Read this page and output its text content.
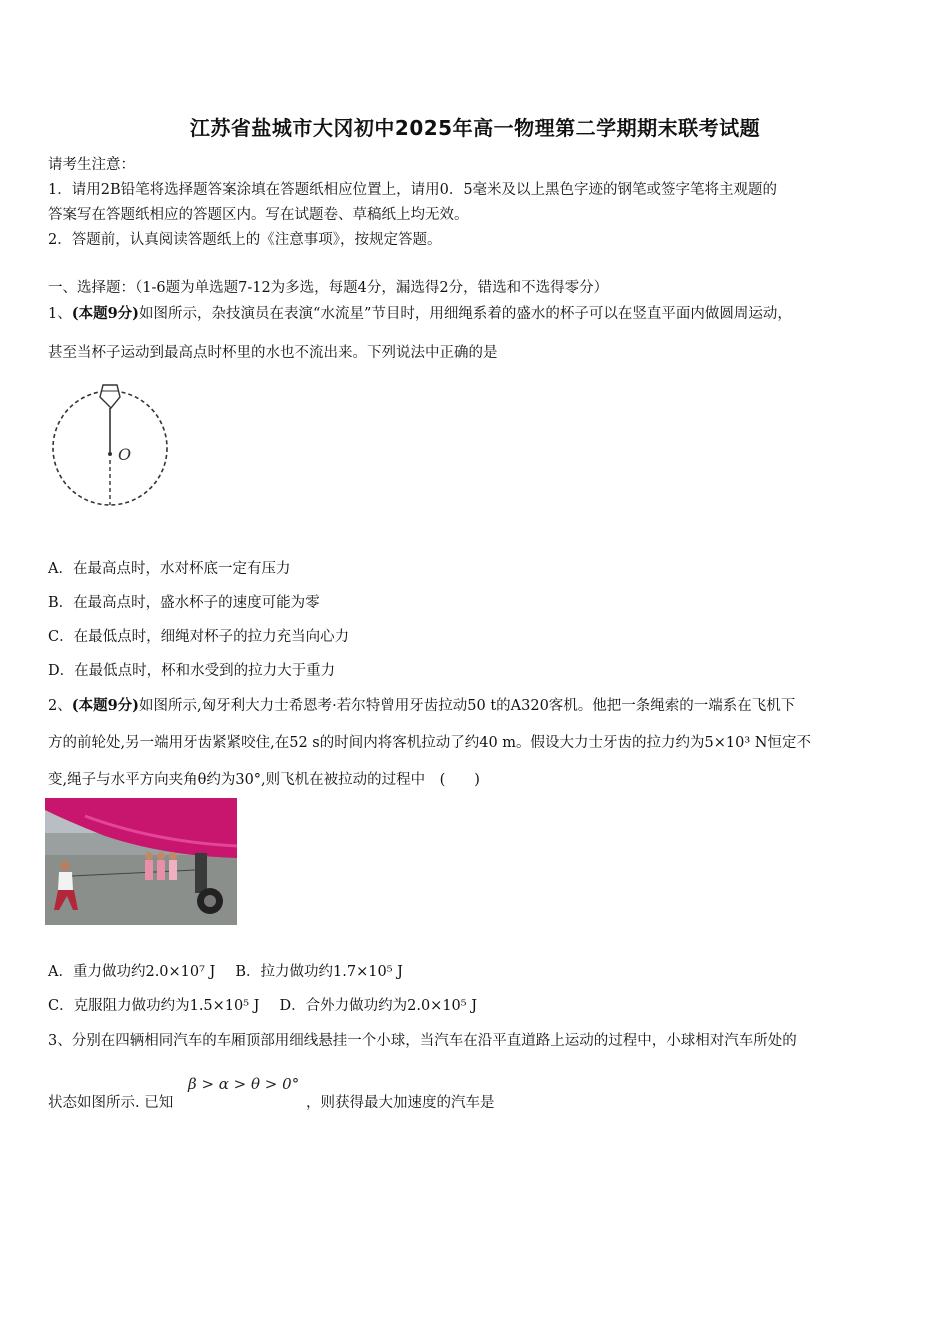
江苏省盐城市大冈初中2025年高一物理第二学期期末联考试题
请考生注意：
1．请用2B铅笔将选择题答案涂填在答题纸相应位置上，请用0．5毫米及以上黑色字迹的钢笔或签字笔将主观题的
答案写在答题纸相应的答题区内。写在试题卷、草稿纸上均无效。
2．答题前，认真阅读答题纸上的《注意事项》，按规定答题。
一、选择题：（1-6题为单选题7-12为多选，每题4分，漏选得2分，错选和不选得零分）
1、(本题9分)如图所示，杂技演员在表演“水流星”节目时，用细绳系着的盛水的杯子可以在竖直平面内做圆周运动，
甚至当杯子运动到最高点时杯里的水也不流出来。下列说法中正确的是
O
A．在最高点时，水对杯底一定有压力
B．在最高点时，盛水杯子的速度可能为零
C．在最低点时，细绳对杯子的拉力充当向心力
D．在最低点时，杯和水受到的拉力大于重力
2、(本题9分)如图所示,匈牙利大力士希恩考·若尔特曾用牙齿拉动50 t的A320客机。他把一条绳索的一端系在飞机下
方的前轮处,另一端用牙齿紧紧咬住,在52 s的时间内将客机拉动了约40 m。假设大力士牙齿的拉力约为5×10³ N恒定不
变,绳子与水平方向夹角θ约为30°,则飞机在被拉动的过程中　(　　)
A．重力做功约2.0×10⁷ J B．拉力做功约1.7×10⁵ J
C．克服阻力做功约为1.5×10⁵ J D．合外力做功约为2.0×10⁵ J
3、分别在四辆相同汽车的车厢顶部用细线悬挂一个小球，当汽车在沿平直道路上运动的过程中，小球相对汽车所处的
状态如图所示. 已知
β > α > θ > 0°
，则获得最大加速度的汽车是
